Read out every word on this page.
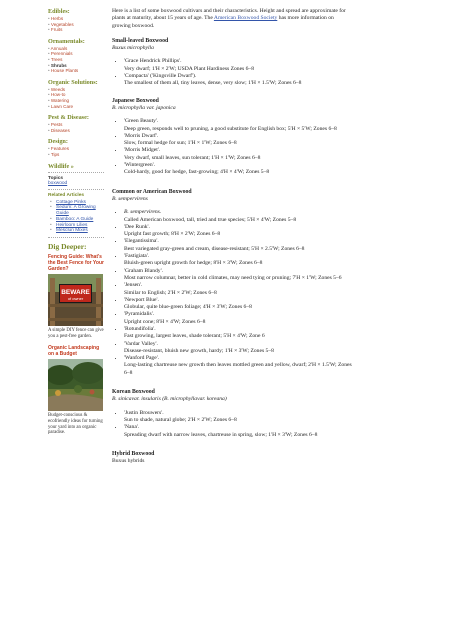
Edibles:
• Herbs
• Vegetables
• Fruits
Ornamentals:
• Annuals
• Perennials
• Trees
• Shrubs
• House Plants
Organic Solutions:
• Weeds
• How-to
• Watering
• Lawn Care
Pest & Disease:
• Pests
• Diseases
Design:
• Features
• Tips
Wildlife »
Topics
boxwood
Related Articles
• Cottage Pinks
• Sedum: A Growing Guide
• Bamboo: A Guide
• Heirloom Lilies
• Mesclun Mixes
Dig Deeper:
Fencing Guide: What's the Best Fence for Your Garden?
BEWARE
of owner
A simple DIY fence can give you a pest-free garden.
Organic Landscaping on a Budget
Budget-conscious & ecofriendly ideas for turning your yard into an organic paradise.

Here is a list of some boxwood cultivars and their characteristics. Height and spread are approximate for plants at maturity, about 15 years of age. The American Boxwood Society has more information on growing boxwood.

Small-leaved Boxwood

Buxus microphylla

• 'Grace Hendrick Phillips'.
Very dwarf; 1'H × 2'W; USDA Plant Hardiness Zones 6–8
• 'Compacta' ('Kingsville Dwarf').
The smallest of them all, tiny leaves, dense, very slow; 1'H × 1.5'W; Zones 6–8

Japanese Boxwood

B. microphylla var. japonica

• 'Green Beauty'.
Deep green, responds well to pruning, a good substitute for English box; 5'H × 5'W; Zones 6–8
• 'Morris Dwarf'.
Slow, formal hedge for sun; 1'H × 1'W; Zones 6–8
• 'Morris Midget'.
Very dwarf, small leaves, sun tolerant; 1'H × 1'W; Zones 6–8
• 'Wintergreen'.
Cold-hardy, good for hedge, fast-growing; 4'H × 4'W; Zones 5–8

Common or American Boxwood

B. sempervirens

• B. sempervirens.
Called American boxwood, tall, tried and true species; 5'H × 4'W; Zones 5–8
• 'Dee Runk'.
Upright fast growth; 8'H × 2'W; Zones 6–8
• 'Elegantissima'.
Best variegated gray-green and cream, disease-resistant; 5'H × 2.5'W; Zones 6–8
• 'Fastigiata'.
Bluish-green upright growth for hedge; 8'H × 3'W; Zones 6–8
• 'Graham Blandy'.
Most narrow columnar, better in cold climates, may need tying or pruning; 7'H × 1'W; Zones 5–6
• 'Jensen'.
Similar to English; 2'H × 2'W; Zones 6–8
• 'Newport Blue'.
Globular, quite blue-green foliage; 4'H × 3'W; Zones 6–8
• 'Pyramidalis'.
Upright cone; 8'H × 4'W; Zones 6–8
• 'Rotundifolia'.
Fast growing, largest leaves, shade tolerant; 5'H × 4'W; Zone 6
• 'Vardar Valley'.
Disease-resistant, bluish new growth, hardy; 1'H × 3'W; Zones 5–8
• 'Wanford Page'.
Long-lasting chartreuse new growth then leaves mottled green and yellow, dwarf; 2'H × 1.5'W; Zones 6–8

Korean Boxwood

B. sinicavar. insularis (B. microphyllavar. koreana)

• 'Justin Brouwers'.
Sun to shade, natural globe; 2'H × 2'W; Zones 6–8
• 'Nana'.
Spreading dwarf with narrow leaves, chartreuse in spring, slow; 1'H × 3'W; Zones 6–8

Hybrid Boxwood

Buxus hybrids
